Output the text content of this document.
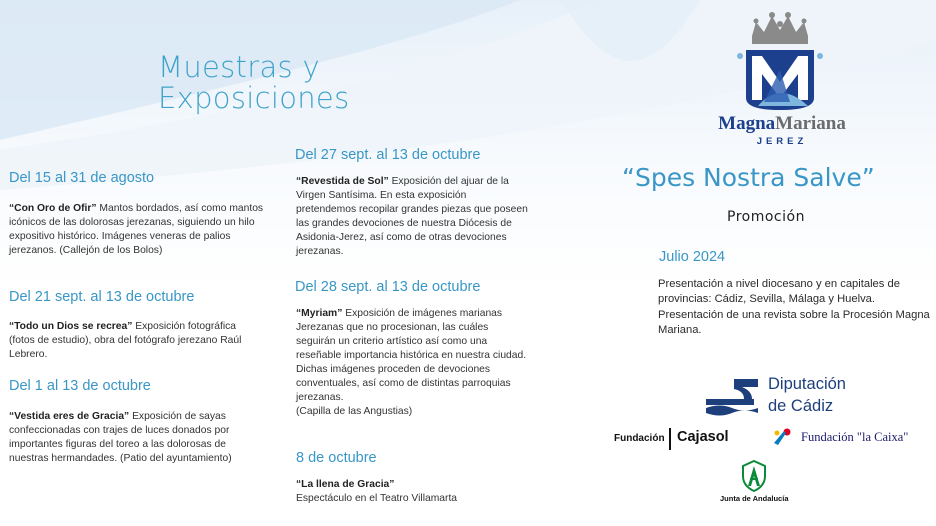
Muestras y
Exposiciones
Del 15 al 31 de agosto
“Con Oro de Ofir” Mantos bordados, así como mantos icónicos de las dolorosas jerezanas, siguiendo un hilo expositivo histórico. Imágenes veneras de palios jerezanos. (Callejón de los Bolos)
Del 21 sept. al 13 de octubre
“Todo un Dios se recrea” Exposición fotográfica (fotos de estudio), obra del fotógrafo jerezano Raúl Lebrero.
Del 1 al 13 de octubre
“Vestida eres de Gracia” Exposición de sayas confeccionadas con trajes de luces donados por importantes figuras del toreo a las dolorosas de nuestras hermandades. (Patio del ayuntamiento)
Del 27 sept. al 13 de octubre
“Revestida de Sol” Exposición del ajuar de la Virgen Santísima. En esta exposición pretendemos recopilar grandes piezas que poseen las grandes devociones de nuestra Diócesis de Asidonia-Jerez, así como de otras devociones jerezanas.
Del 28 sept. al 13 de octubre
“Myriam” Exposición de imágenes marianas Jerezanas que no procesionan, las cuáles seguirán un criterio artístico así como una reseñable importancia histórica en nuestra ciudad. Dichas imágenes proceden de devociones conventuales, así como de distintas parroquias jerezanas.
(Capilla de las Angustias)
8 de octubre
“La llena de Gracia”
Espectáculo en el Teatro Villamarta
MagnaMariana
JEREZ
“Spes Nostra Salve”
Promoción
Julio 2024
Presentación a nivel diocesano y en capitales de provincias: Cádiz, Sevilla, Málaga y Huelva.
Presentación de una revista sobre la Procesión Magna Mariana.
Diputación
de Cádiz
Fundación Cajasol	Fundación "la Caixa"
Junta de Andalucía
